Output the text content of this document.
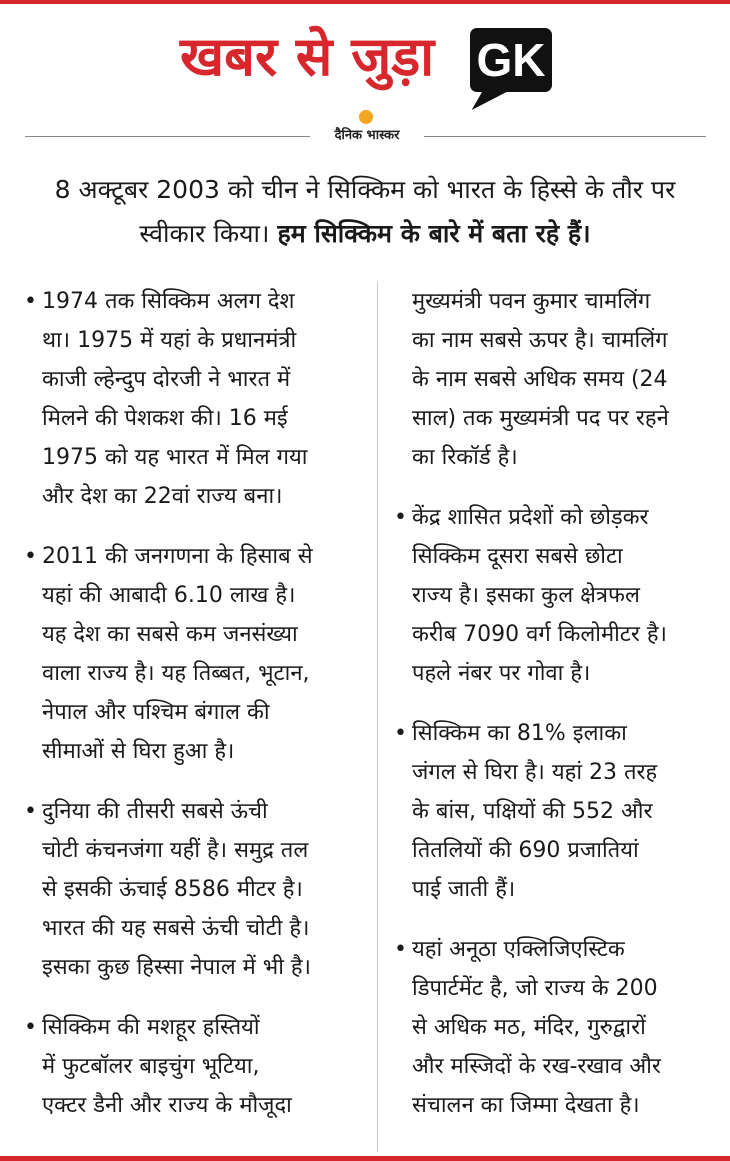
खबर से जुड़ा GK
दैनिक भास्कर
8 अक्टूबर 2003 को चीन ने सिक्किम को भारत के हिस्से के तौर पर स्वीकार किया। हम सिक्किम के बारे में बता रहे हैं।
• 1974 तक सिक्किम अलग देश
था। 1975 में यहां के प्रधानमंत्री
काजी ल्हेन्दुप दोरजी ने भारत में
मिलने की पेशकश की। 16 मई
1975 को यह भारत में मिल गया
और देश का 22वां राज्य बना।
• 2011 की जनगणना के हिसाब से
यहां की आबादी 6.10 लाख है।
यह देश का सबसे कम जनसंख्या
वाला राज्य है। यह तिब्बत, भूटान,
नेपाल और पश्चिम बंगाल की
सीमाओं से घिरा हुआ है।
• दुनिया की तीसरी सबसे ऊंची
चोटी कंचनजंगा यहीं है। समुद्र तल
से इसकी ऊंचाई 8586 मीटर है।
भारत की यह सबसे ऊंची चोटी है।
इसका कुछ हिस्सा नेपाल में भी है।
• सिक्किम की मशहूर हस्तियों
में फुटबॉलर बाइचुंग भूटिया,
एक्टर डैनी और राज्य के मौजूदा
मुख्यमंत्री पवन कुमार चामलिंग
का नाम सबसे ऊपर है। चामलिंग
के नाम सबसे अधिक समय (24
साल) तक मुख्यमंत्री पद पर रहने
का रिकॉर्ड है।
• केंद्र शासित प्रदेशों को छोड़कर
सिक्किम दूसरा सबसे छोटा
राज्य है। इसका कुल क्षेत्रफल
करीब 7090 वर्ग किलोमीटर है।
पहले नंबर पर गोवा है।
• सिक्किम का 81% इलाका
जंगल से घिरा है। यहां 23 तरह
के बांस, पक्षियों की 552 और
तितलियों की 690 प्रजातियां
पाई जाती हैं।
• यहां अनूठा एक्लिजिएस्टिक
डिपार्टमेंट है, जो राज्य के 200
से अधिक मठ, मंदिर, गुरुद्वारों
और मस्जिदों के रख-रखाव और
संचालन का जिम्मा देखता है।
